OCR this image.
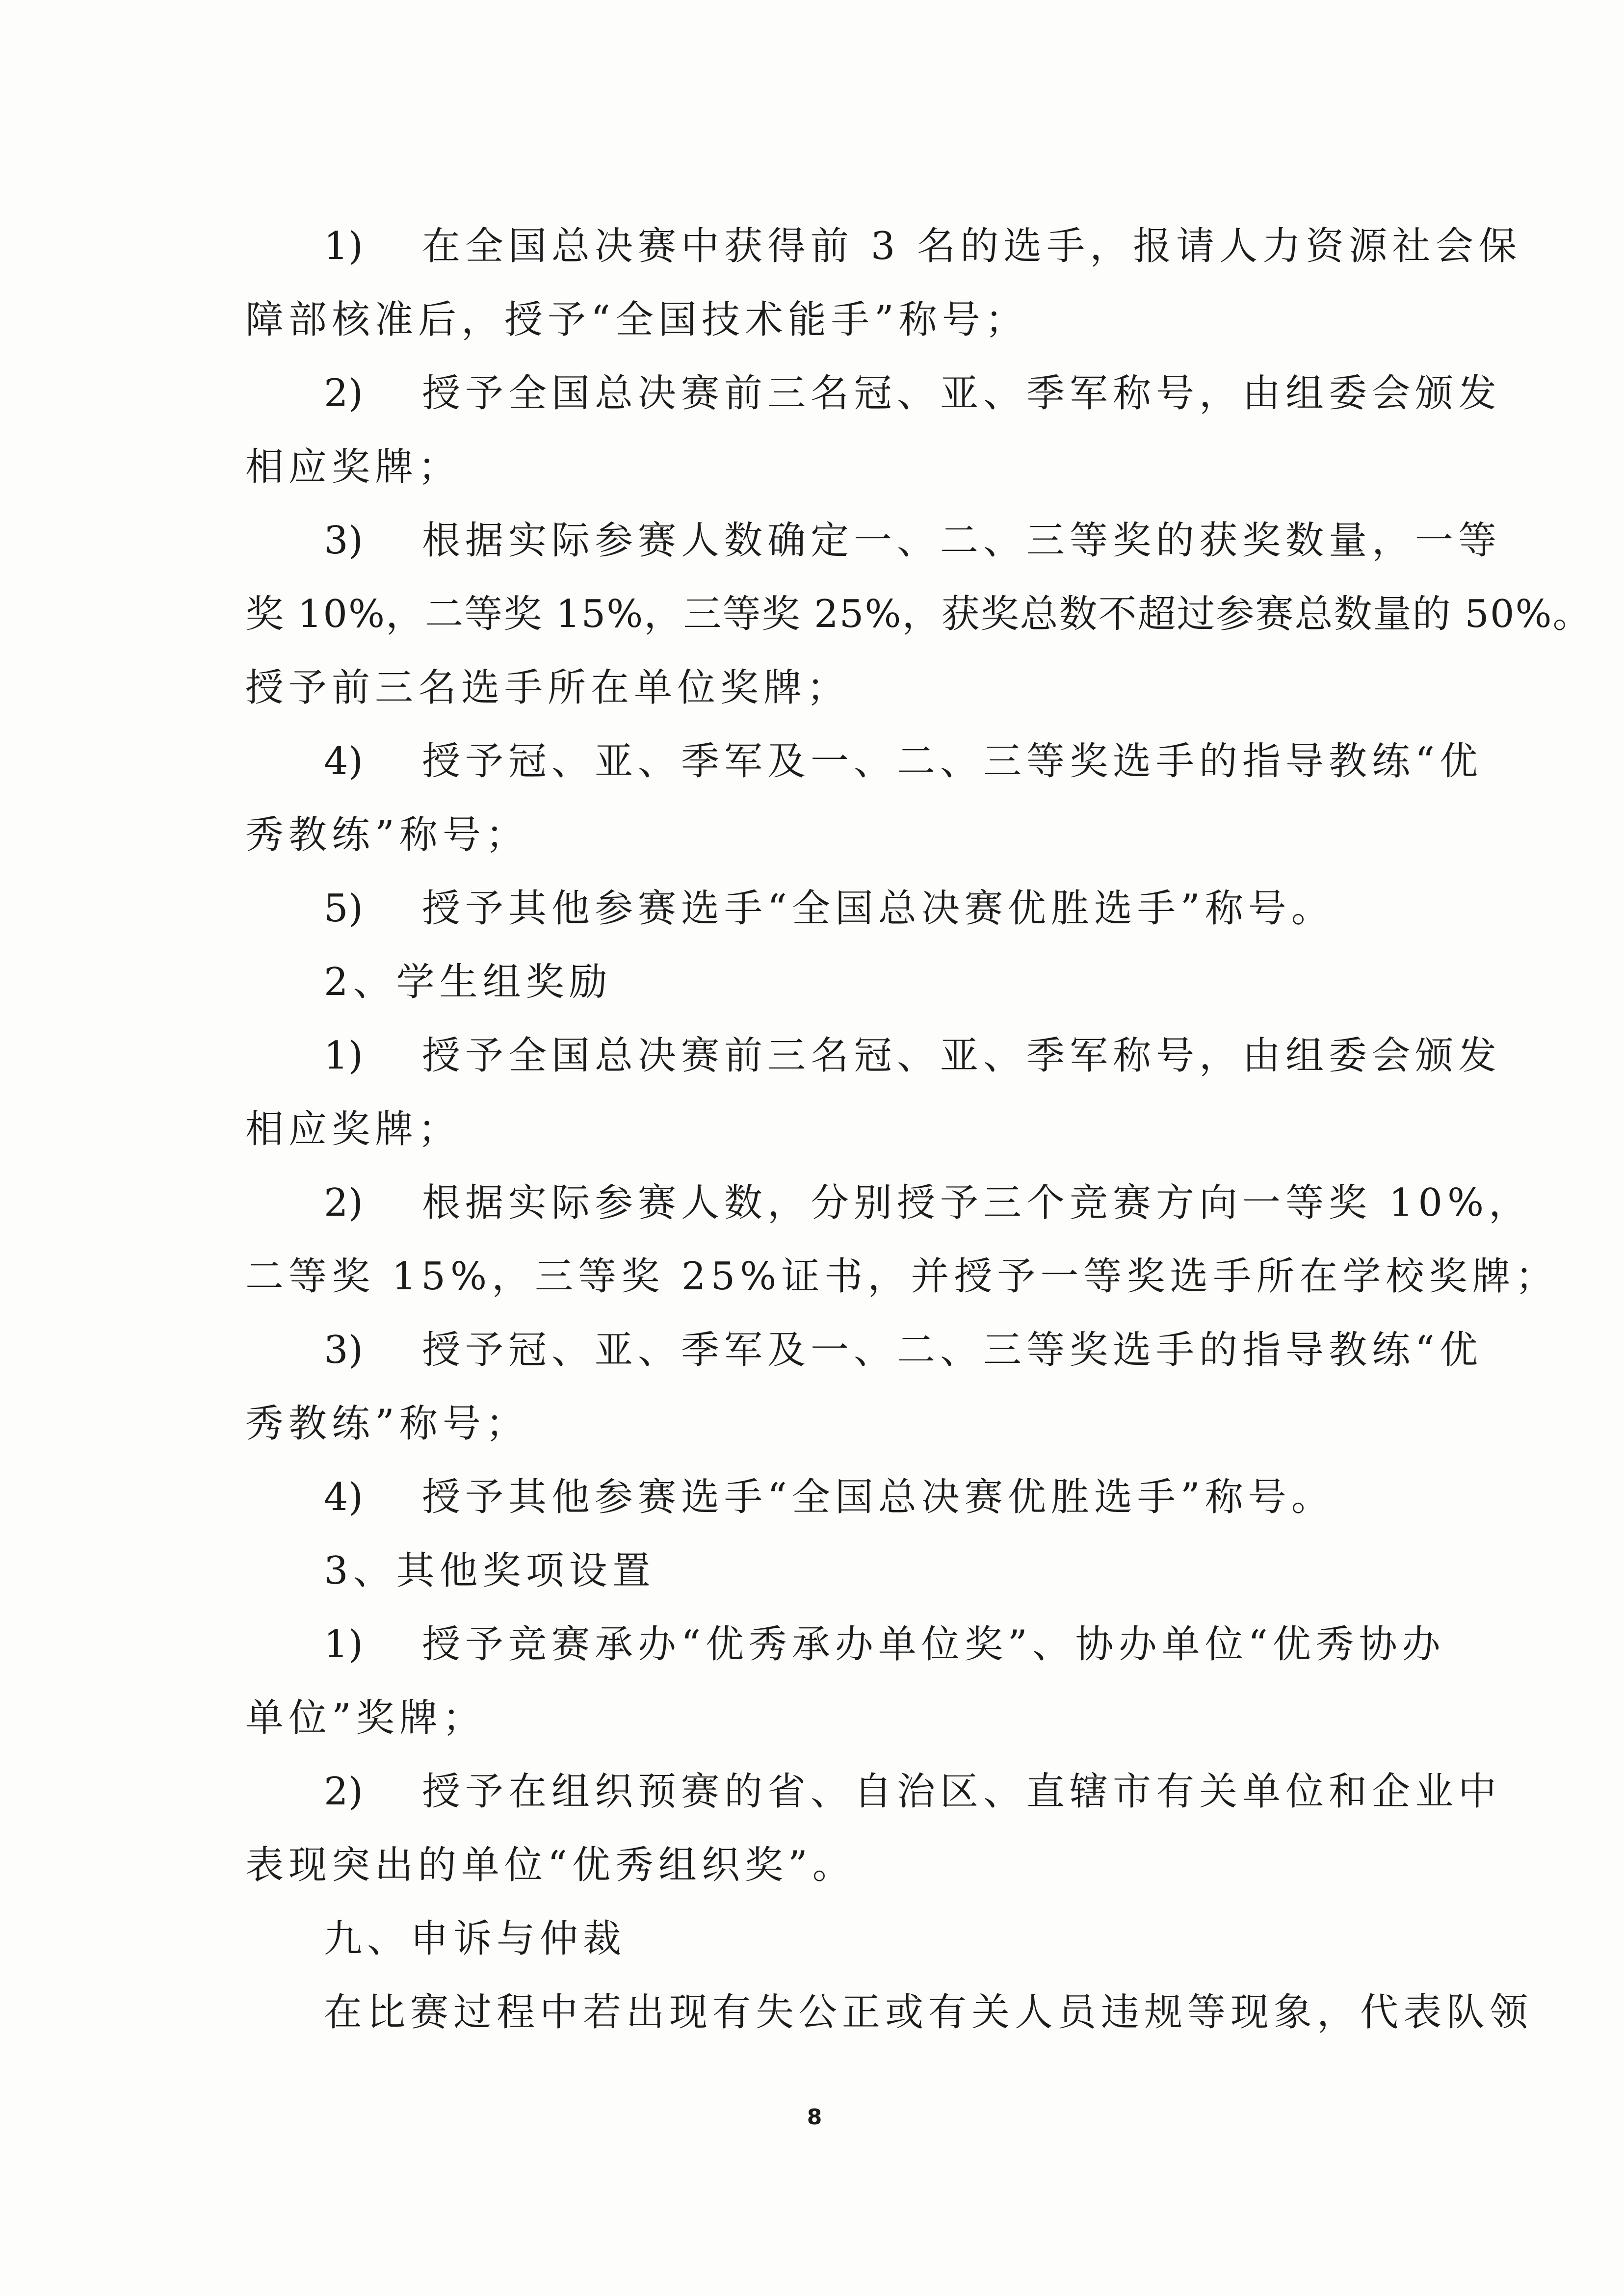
1) 在全国总决赛中获得前 3 名的选手，报请人力资源社会保
障部核准后，授予“全国技术能手”称号；
2) 授予全国总决赛前三名冠、亚、季军称号，由组委会颁发
相应奖牌；
3) 根据实际参赛人数确定一、二、三等奖的获奖数量，一等
奖 10%，二等奖 15%，三等奖 25%，获奖总数不超过参赛总数量的 50%。
授予前三名选手所在单位奖牌；
4) 授予冠、亚、季军及一、二、三等奖选手的指导教练“优
秀教练”称号；
5) 授予其他参赛选手“全国总决赛优胜选手”称号。
2、学生组奖励
1) 授予全国总决赛前三名冠、亚、季军称号，由组委会颁发
相应奖牌；
2) 根据实际参赛人数，分别授予三个竞赛方向一等奖 10%，
二等奖 15%，三等奖 25%证书，并授予一等奖选手所在学校奖牌；
3) 授予冠、亚、季军及一、二、三等奖选手的指导教练“优
秀教练”称号；
4) 授予其他参赛选手“全国总决赛优胜选手”称号。
3、其他奖项设置
1) 授予竞赛承办“优秀承办单位奖”、协办单位“优秀协办
单位”奖牌；
2) 授予在组织预赛的省、自治区、直辖市有关单位和企业中
表现突出的单位“优秀组织奖”。
九、申诉与仲裁
在比赛过程中若出现有失公正或有关人员违规等现象，代表队领
8
